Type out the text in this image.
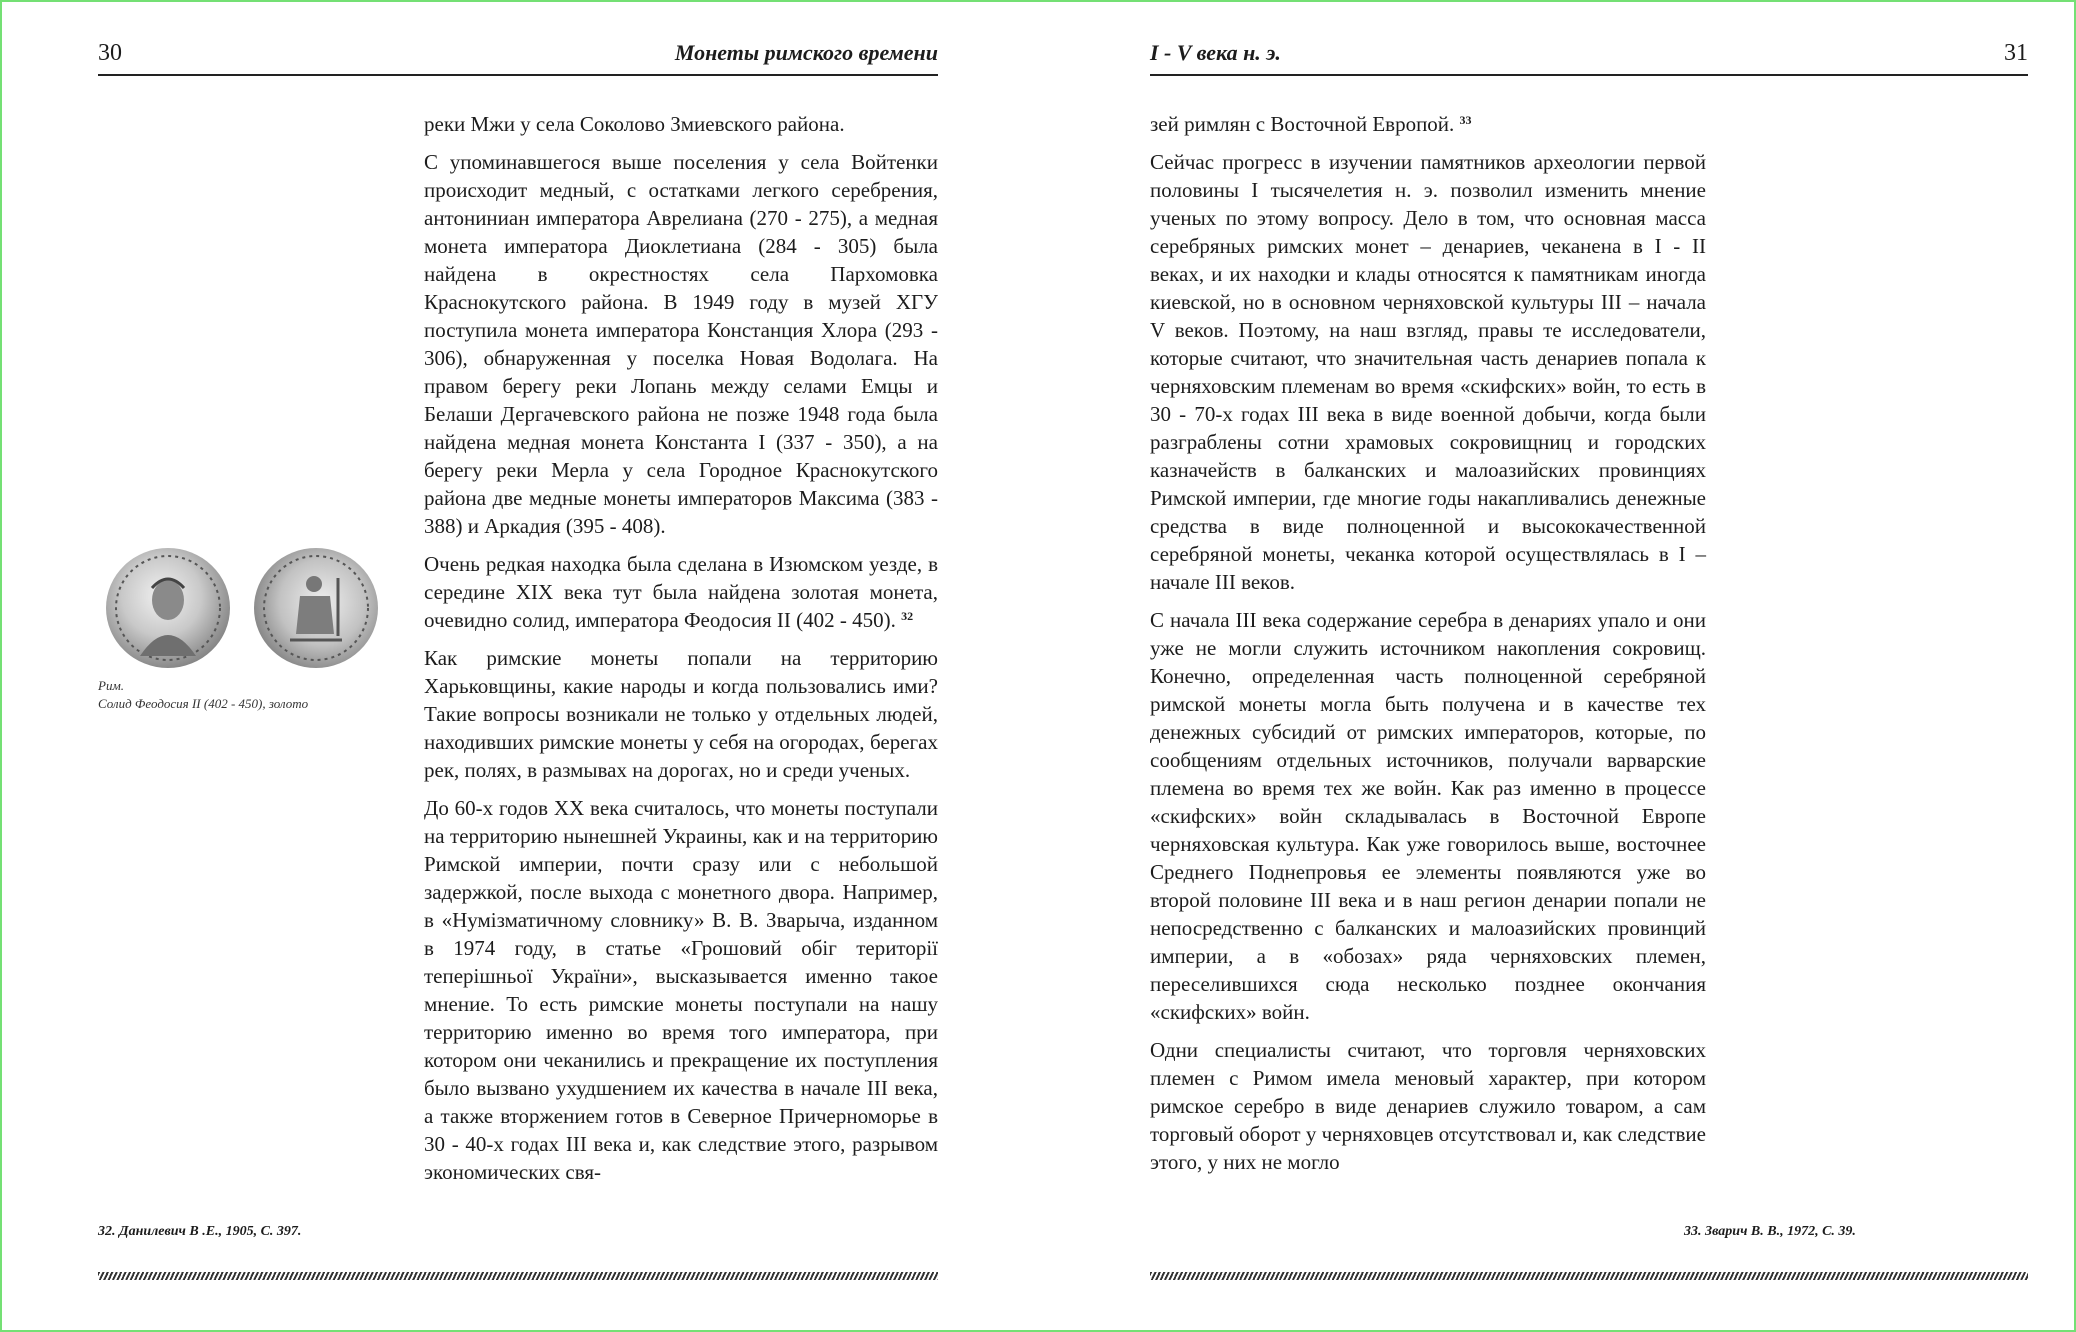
30	Монеты римского времени
Рим.
Солид Феодосия II (402 - 450), золото

реки Мжи у села Соколово Змиевского района.

С упоминавшегося выше поселения у села Войтенки происходит медный, с остатками легкого серебрения, антониниан императора Аврелиана (270 - 275), а медная монета императора Диоклетиана (284 - 305) была найдена в окрестностях села Пархомовка Краснокутского района. В 1949 году в музей ХГУ поступила монета императора Констанция Хлора (293 - 306), обнаруженная у поселка Новая Водолага. На правом берегу реки Лопань между селами Емцы и Белаши Дергачевского района не позже 1948 года была найдена медная монета Константа I (337 - 350), а на берегу реки Мерла у села Городное Краснокутского района две медные монеты императоров Максима (383 - 388) и Аркадия (395 - 408).

Очень редкая находка была сделана в Изюмском уезде, в середине XIX века тут была найдена золотая монета, очевидно солид, императора Феодосия II (402 - 450). $^{32}$

Как римские монеты попали на территорию Харьковщины, какие народы и когда пользовались ими? Такие вопросы возникали не только у отдельных людей, находивших римские монеты у себя на огородах, берегах рек, полях, в размывах на дорогах, но и среди ученых.

До 60-х годов XX века считалось, что монеты поступали на территорию нынешней Украины, как и на территорию Римской империи, почти сразу или с небольшой задержкой, после выхода с монетного двора. Например, в «Нумізматичному словнику» В. В. Зварыча, изданном в 1974 году, в статье «Грошовий обіг території теперішньої України», высказывается именно такое мнение. То есть римские монеты поступали на нашу территорию именно во время того императора, при котором они чеканились и прекращение их поступления было вызвано ухудшением их качества в начале III века, а также вторжением готов в Северное Причерноморье в 30 - 40-х годах III века и, как следствие этого, разрывом экономических свя-

32. Данилевич В .Е., 1905, С. 397.
I - V века н. э.	31

зей римлян с Восточной Европой. $^{33}$

Сейчас прогресс в изучении памятников археологии первой половины I тысячелетия н. э. позволил изменить мнение ученых по этому вопросу. Дело в том, что основная масса серебряных римских монет – денариев, чеканена в I - II веках, и их находки и клады относятся к памятникам иногда киевской, но в основном черняховской культуры III – начала V веков. Поэтому, на наш взгляд, правы те исследователи, которые считают, что значительная часть денариев попала к черняховским племенам во время «скифских» войн, то есть в 30 - 70-х годах III века в виде военной добычи, когда были разграблены сотни храмовых сокровищниц и городских казначейств в балканских и малоазийских провинциях Римской империи, где многие годы накапливались денежные средства в виде полноценной и высококачественной серебряной монеты, чеканка которой осуществлялась в I – начале III веков.

С начала III века содержание серебра в денариях упало и они уже не могли служить источником накопления сокровищ. Конечно, определенная часть полноценной серебряной римской монеты могла быть получена и в качестве тех денежных субсидий от римских императоров, которые, по сообщениям отдельных источников, получали варварские племена во время тех же войн. Как раз именно в процессе «скифских» войн складывалась в Восточной Европе черняховская культура. Как уже говорилось выше, восточнее Среднего Поднепровья ее элементы появляются уже во второй половине III века и в наш регион денарии попали не непосредственно с балканских и малоазийских провинций империи, а в «обозах» ряда черняховских племен, переселившихся сюда несколько позднее окончания «скифских» войн.

Одни специалисты считают, что торговля черняховских племен с Римом имела меновый характер, при котором римское серебро в виде денариев служило товаром, а сам торговый оборот у черняховцев отсутствовал и, как следствие этого, у них не могло

33. Зварич В. В., 1972, С. 39.
